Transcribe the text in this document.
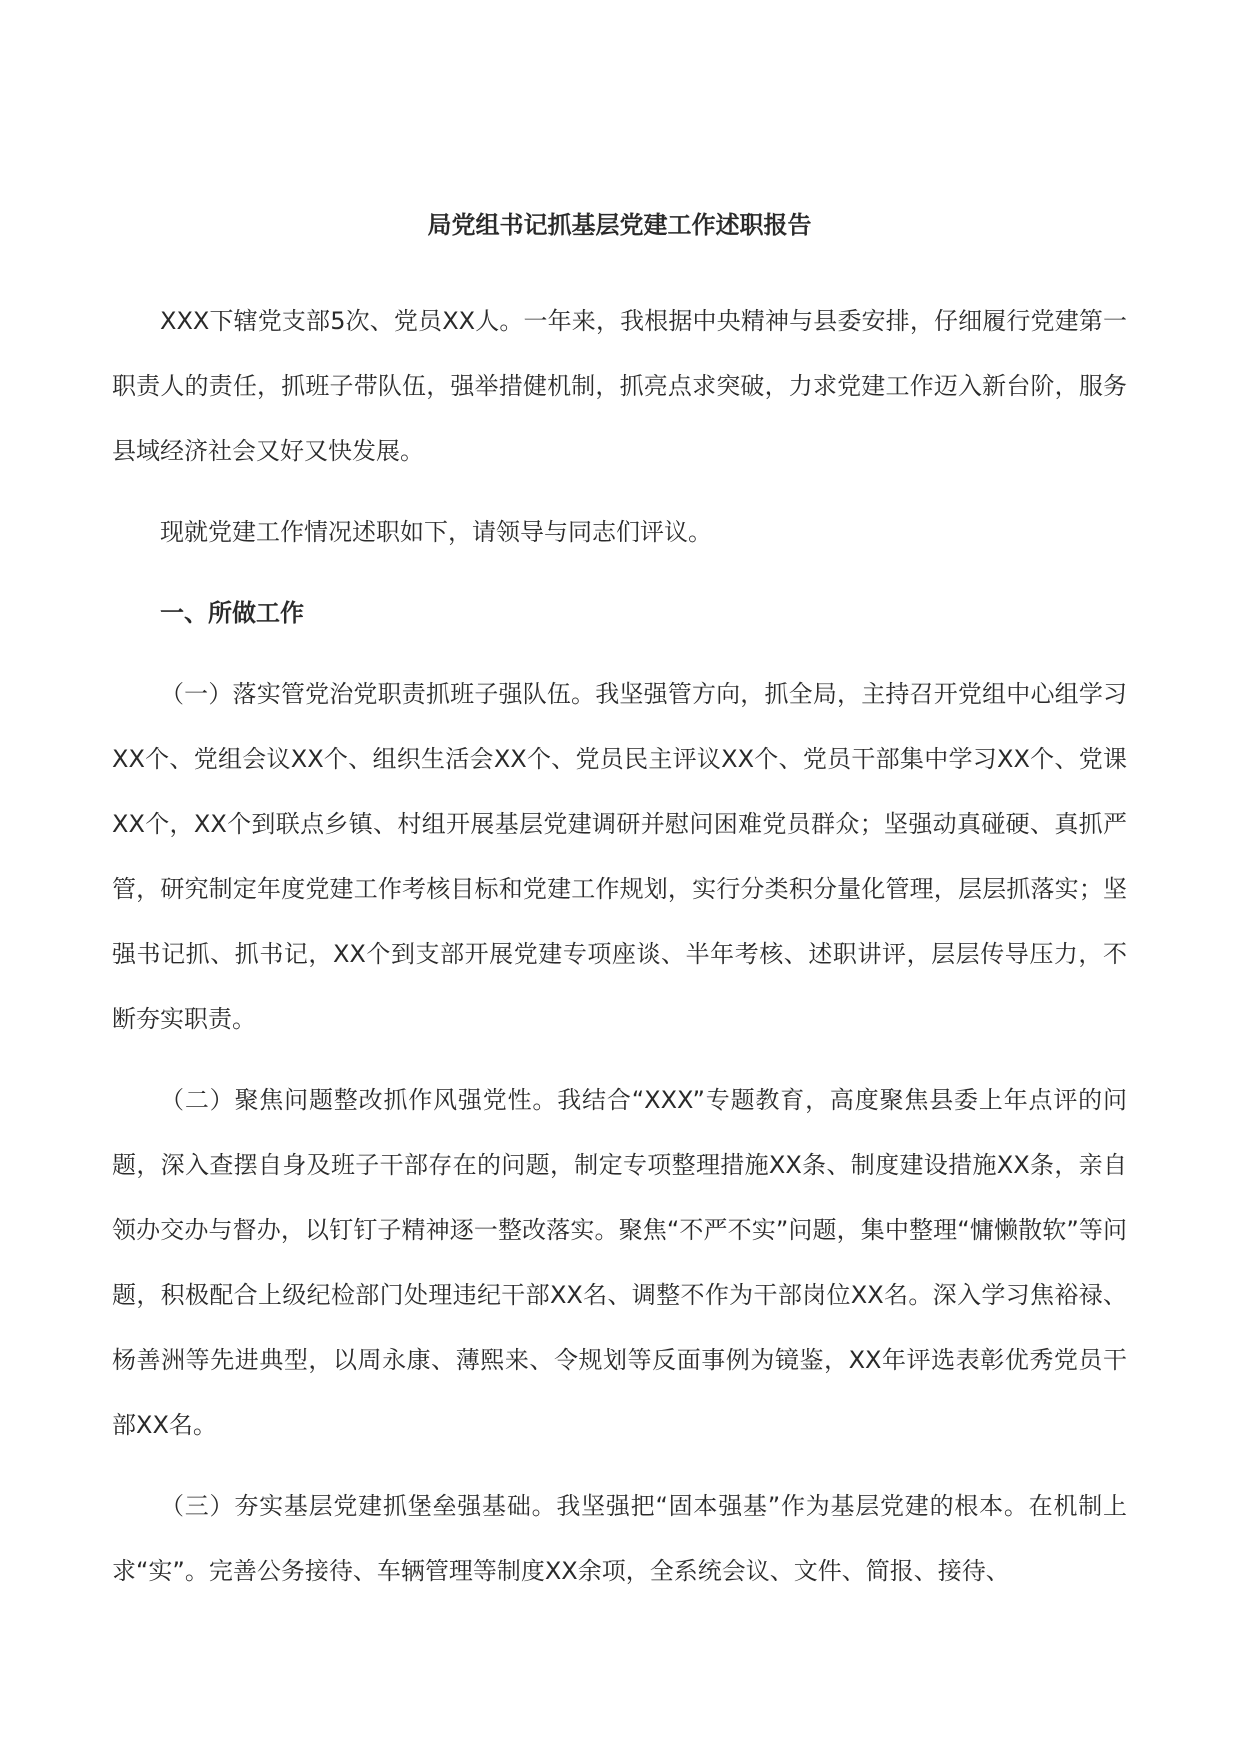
局党组书记抓基层党建工作述职报告

XXX下辖党支部5次、党员XX人。一年来，我根据中央精神与县委安排，仔细履行党建第一职责人的责任，抓班子带队伍，强举措健机制，抓亮点求突破，力求党建工作迈入新台阶，服务县域经济社会又好又快发展。

现就党建工作情况述职如下，请领导与同志们评议。

一、所做工作

（一）落实管党治党职责抓班子强队伍。我坚强管方向，抓全局，主持召开党组中心组学习XX个、党组会议XX个、组织生活会XX个、党员民主评议XX个、党员干部集中学习XX个、党课XX个，XX个到联点乡镇、村组开展基层党建调研并慰问困难党员群众；坚强动真碰硬、真抓严管，研究制定年度党建工作考核目标和党建工作规划，实行分类积分量化管理，层层抓落实；坚强书记抓、抓书记，XX个到支部开展党建专项座谈、半年考核、述职讲评，层层传导压力，不断夯实职责。

（二）聚焦问题整改抓作风强党性。我结合“XXX”专题教育，高度聚焦县委上年点评的问题，深入查摆自身及班子干部存在的问题，制定专项整理措施XX条、制度建设措施XX条，亲自领办交办与督办，以钉钉子精神逐一整改落实。聚焦“不严不实”问题，集中整理“慵懒散软”等问题，积极配合上级纪检部门处理违纪干部XX名、调整不作为干部岗位XX名。深入学习焦裕禄、杨善洲等先进典型，以周永康、薄熙来、令规划等反面事例为镜鉴，XX年评选表彰优秀党员干部XX名。

（三）夯实基层党建抓堡垒强基础。我坚强把“固本强基”作为基层党建的根本。在机制上求“实”。完善公务接待、车辆管理等制度XX余项，全系统会议、文件、简报、接待、
